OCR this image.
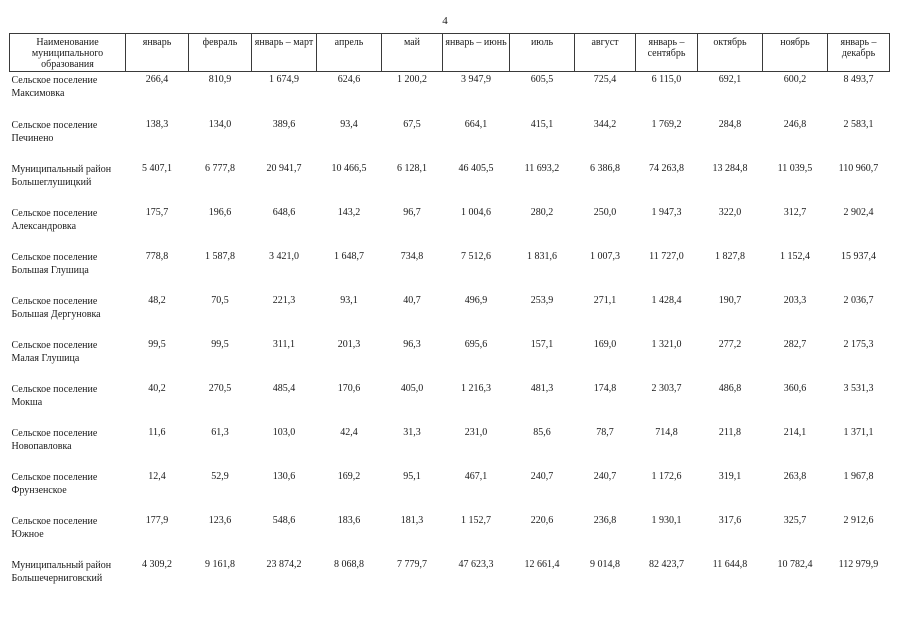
4
Наименование муниципального образования	январь	февраль	январь – март	апрель	май	январь – июнь	июль	август	январь – сентябрь	октябрь	ноябрь	январь – декабрь
Сельское поселение Максимовка	266,4	810,9	1 674,9	624,6	1 200,2	3 947,9	605,5	725,4	6 115,0	692,1	600,2	8 493,7
Сельское поселение Печинено	138,3	134,0	389,6	93,4	67,5	664,1	415,1	344,2	1 769,2	284,8	246,8	2 583,1
Муниципальный район Большеглушицкий	5 407,1	6 777,8	20 941,7	10 466,5	6 128,1	46 405,5	11 693,2	6 386,8	74 263,8	13 284,8	11 039,5	110 960,7
Сельское поселение Александровка	175,7	196,6	648,6	143,2	96,7	1 004,6	280,2	250,0	1 947,3	322,0	312,7	2 902,4
Сельское поселение Большая Глушица	778,8	1 587,8	3 421,0	1 648,7	734,8	7 512,6	1 831,6	1 007,3	11 727,0	1 827,8	1 152,4	15 937,4
Сельское поселение Большая Дергуновка	48,2	70,5	221,3	93,1	40,7	496,9	253,9	271,1	1 428,4	190,7	203,3	2 036,7
Сельское поселение Малая Глушица	99,5	99,5	311,1	201,3	96,3	695,6	157,1	169,0	1 321,0	277,2	282,7	2 175,3
Сельское поселение Мокша	40,2	270,5	485,4	170,6	405,0	1 216,3	481,3	174,8	2 303,7	486,8	360,6	3 531,3
Сельское поселение Новопавловка	11,6	61,3	103,0	42,4	31,3	231,0	85,6	78,7	714,8	211,8	214,1	1 371,1
Сельское поселение Фрунзенское	12,4	52,9	130,6	169,2	95,1	467,1	240,7	240,7	1 172,6	319,1	263,8	1 967,8
Сельское поселение Южное	177,9	123,6	548,6	183,6	181,3	1 152,7	220,6	236,8	1 930,1	317,6	325,7	2 912,6
Муниципальный район Большечерниговский	4 309,2	9 161,8	23 874,2	8 068,8	7 779,7	47 623,3	12 661,4	9 014,8	82 423,7	11 644,8	10 782,4	112 979,9
